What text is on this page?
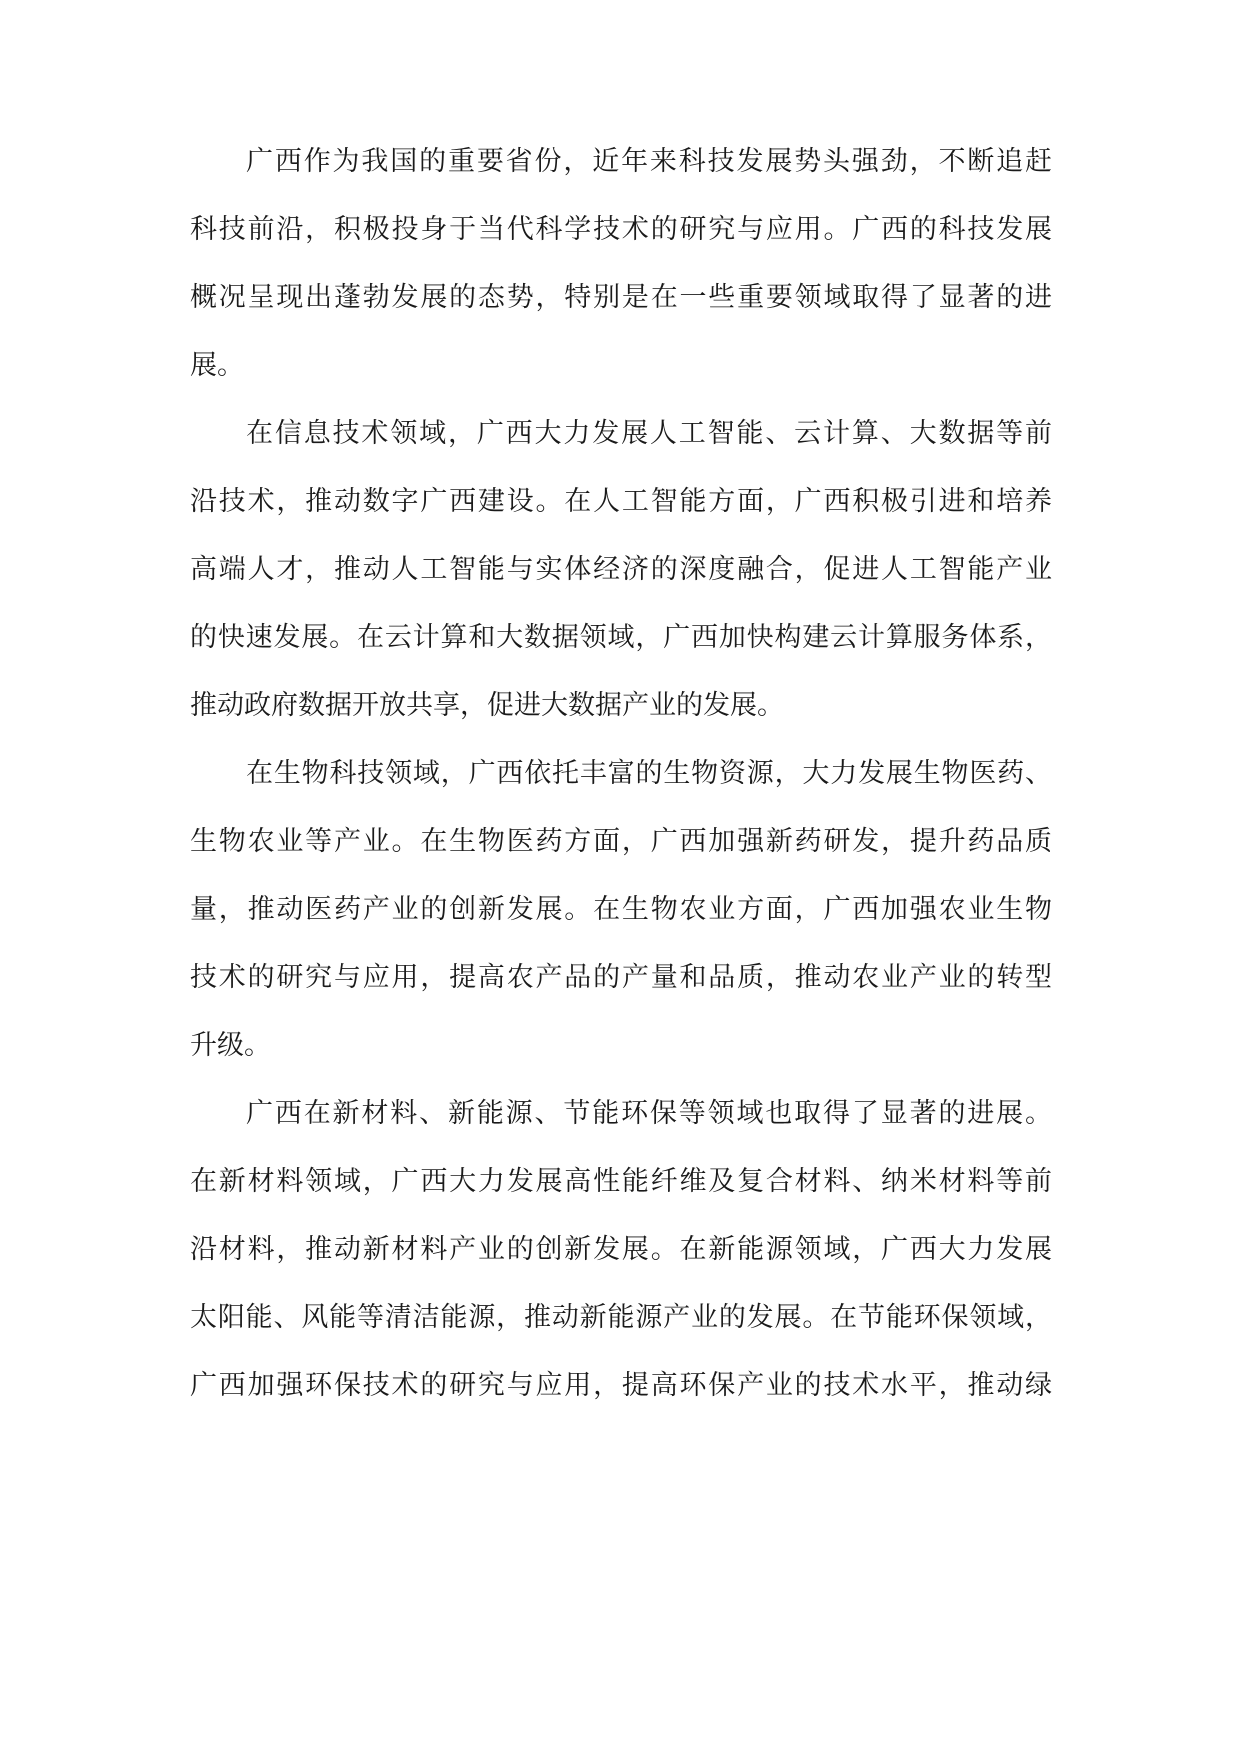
广西作为我国的重要省份，近年来科技发展势头强劲，不断追赶
科技前沿，积极投身于当代科学技术的研究与应用。广西的科技发展
概况呈现出蓬勃发展的态势，特别是在一些重要领域取得了显著的进
展。
在信息技术领域，广西大力发展人工智能、云计算、大数据等前
沿技术，推动数字广西建设。在人工智能方面，广西积极引进和培养
高端人才，推动人工智能与实体经济的深度融合，促进人工智能产业
的快速发展。在云计算和大数据领域，广西加快构建云计算服务体系，
推动政府数据开放共享，促进大数据产业的发展。
在生物科技领域，广西依托丰富的生物资源，大力发展生物医药、
生物农业等产业。在生物医药方面，广西加强新药研发，提升药品质
量，推动医药产业的创新发展。在生物农业方面，广西加强农业生物
技术的研究与应用，提高农产品的产量和品质，推动农业产业的转型
升级。
广西在新材料、新能源、节能环保等领域也取得了显著的进展。
在新材料领域，广西大力发展高性能纤维及复合材料、纳米材料等前
沿材料，推动新材料产业的创新发展。在新能源领域，广西大力发展
太阳能、风能等清洁能源，推动新能源产业的发展。在节能环保领域，
广西加强环保技术的研究与应用，提高环保产业的技术水平，推动绿
